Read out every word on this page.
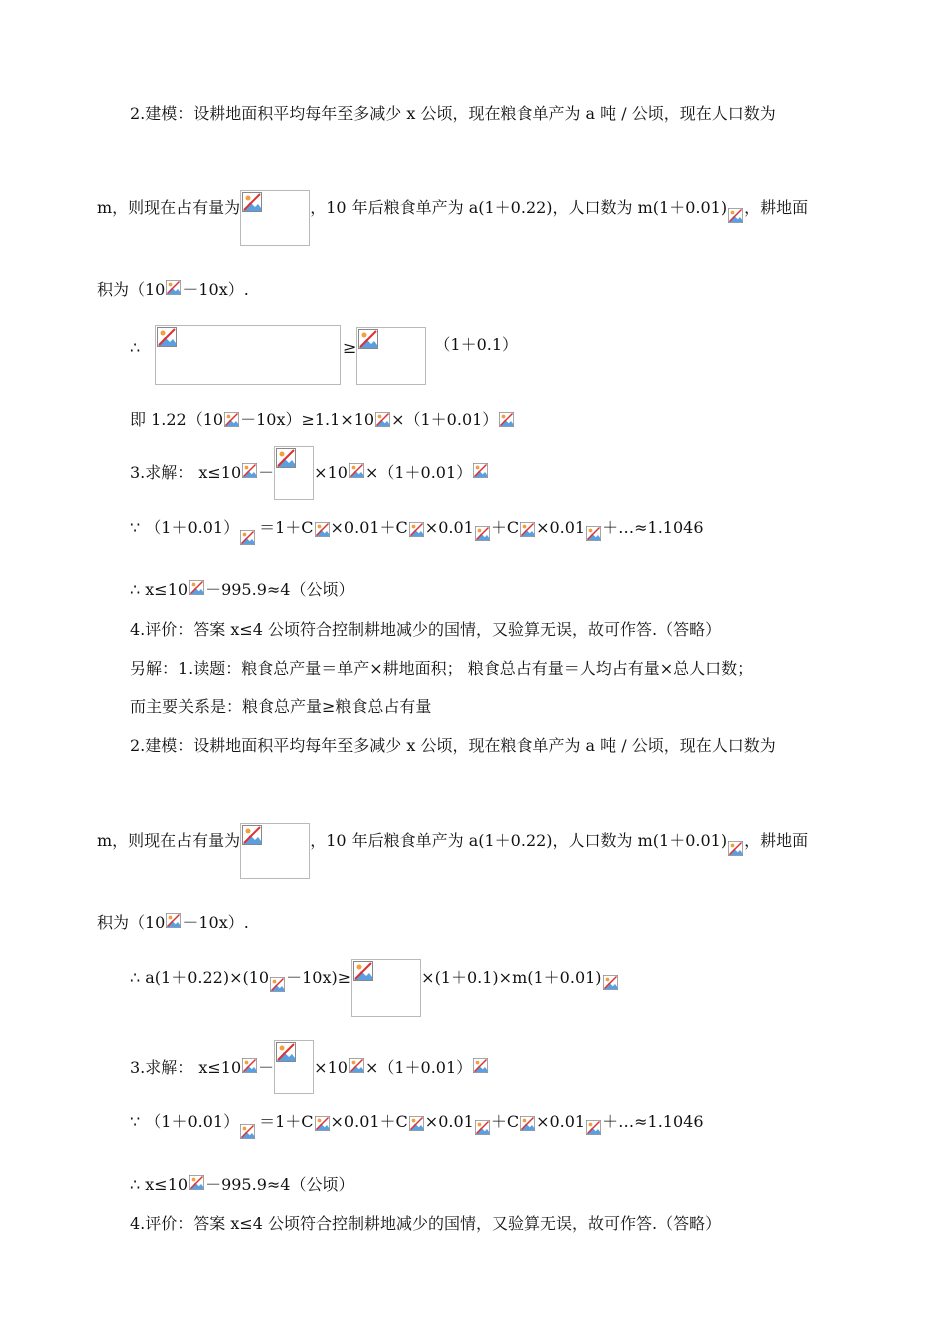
2.建模：设耕地面积平均每年至多减少 x 公顷，现在粮食单产为 a 吨 / 公顷，现在人口数为
m，则现在占有量为	，10 年后粮食单产为 a(1＋0.22)，人口数为 m(1＋0.01) ，耕地面
积为（10 －10x）.
∴	≥	（1＋0.1）
即 1.22（10 －10x）≥1.1×10 ×（1＋0.01）
3.求解： x≤10 －	×10 ×（1＋0.01）
∵ （1＋0.01） ＝1＋C ×0.01＋C ×0.01 ＋C ×0.01 ＋…≈1.1046
∴ x≤10 －995.9≈4（公顷）
4.评价：答案 x≤4 公顷符合控制耕地减少的国情，又验算无误，故可作答.（答略）
另解：1.读题：粮食总产量＝单产×耕地面积； 粮食总占有量＝人均占有量×总人口数；
而主要关系是：粮食总产量≥粮食总占有量
2.建模：设耕地面积平均每年至多减少 x 公顷，现在粮食单产为 a 吨 / 公顷，现在人口数为
m，则现在占有量为	，10 年后粮食单产为 a(1＋0.22)，人口数为 m(1＋0.01) ，耕地面
积为（10 －10x）.
∴ a(1＋0.22)×(10 －10x)≥	×(1＋0.1)×m(1＋0.01)
3.求解： x≤10 －	×10 ×（1＋0.01）
∵ （1＋0.01） ＝1＋C ×0.01＋C ×0.01 ＋C ×0.01 ＋…≈1.1046
∴ x≤10 －995.9≈4（公顷）
4.评价：答案 x≤4 公顷符合控制耕地减少的国情，又验算无误，故可作答.（答略）
